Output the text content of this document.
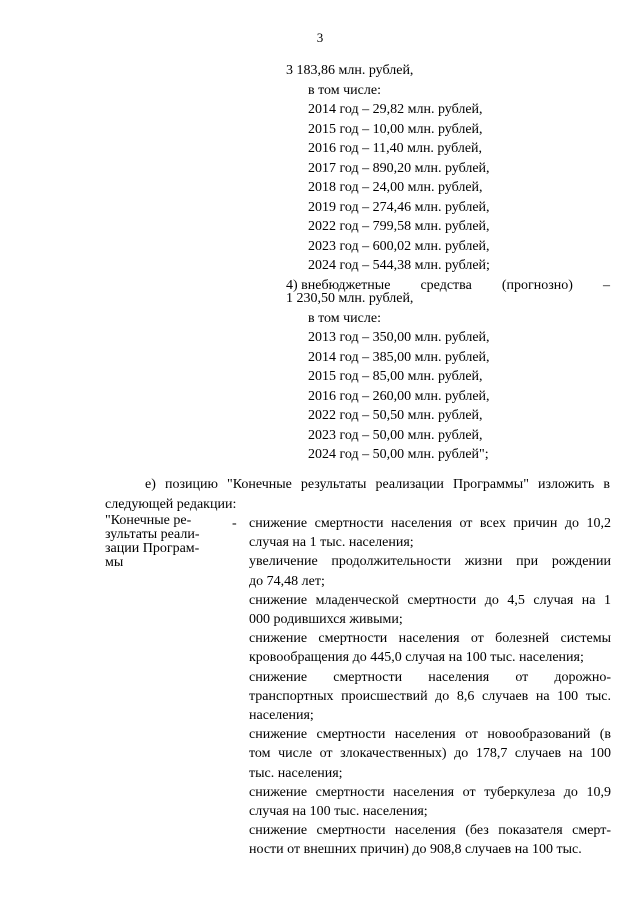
3
3 183,86 млн. рублей,
в том числе:
2014 год – 29,82 млн. рублей,
2015 год – 10,00 млн. рублей,
2016 год – 11,40 млн. рублей,
2017 год – 890,20 млн. рублей,
2018 год – 24,00 млн. рублей,
2019 год – 274,46 млн. рублей,
2022 год – 799,58 млн. рублей,
2023 год – 600,02 млн. рублей,
2024 год – 544,38 млн. рублей;
4) внебюджетные средства (прогнозно) –
1 230,50 млн. рублей,
в том числе:
2013 год – 350,00 млн. рублей,
2014 год – 385,00 млн. рублей,
2015 год – 85,00 млн. рублей,
2016 год – 260,00 млн. рублей,
2022 год – 50,50 млн. рублей,
2023 год – 50,00 млн. рублей,
2024 год – 50,00 млн. рублей";
е) позицию "Конечные результаты реализации Программы" изложить в следующей редакции:
"Конечные ре-
зультаты реали-
зации Програм-
мы
- снижение смертности населения от всех причин до 10,2
случая на 1 тыс. населения;
увеличение продолжительности жизни при рождении
до 74,48 лет;
снижение младенческой смертности до 4,5 случая на 1
000 родившихся живыми;
снижение смертности населения от болезней системы
кровообращения до 445,0 случая на 100 тыс. населения;
снижение смертности населения от дорожно-
транспортных происшествий до 8,6 случаев на 100 тыс.
населения;
снижение смертности населения от новообразований (в
том числе от злокачественных) до 178,7 случаев на 100
тыс. населения;
снижение смертности населения от туберкулеза до 10,9
случая на 100 тыс. населения;
снижение смертности населения (без показателя смерт-
ности от внешних причин) до 908,8 случаев на 100 тыс.
